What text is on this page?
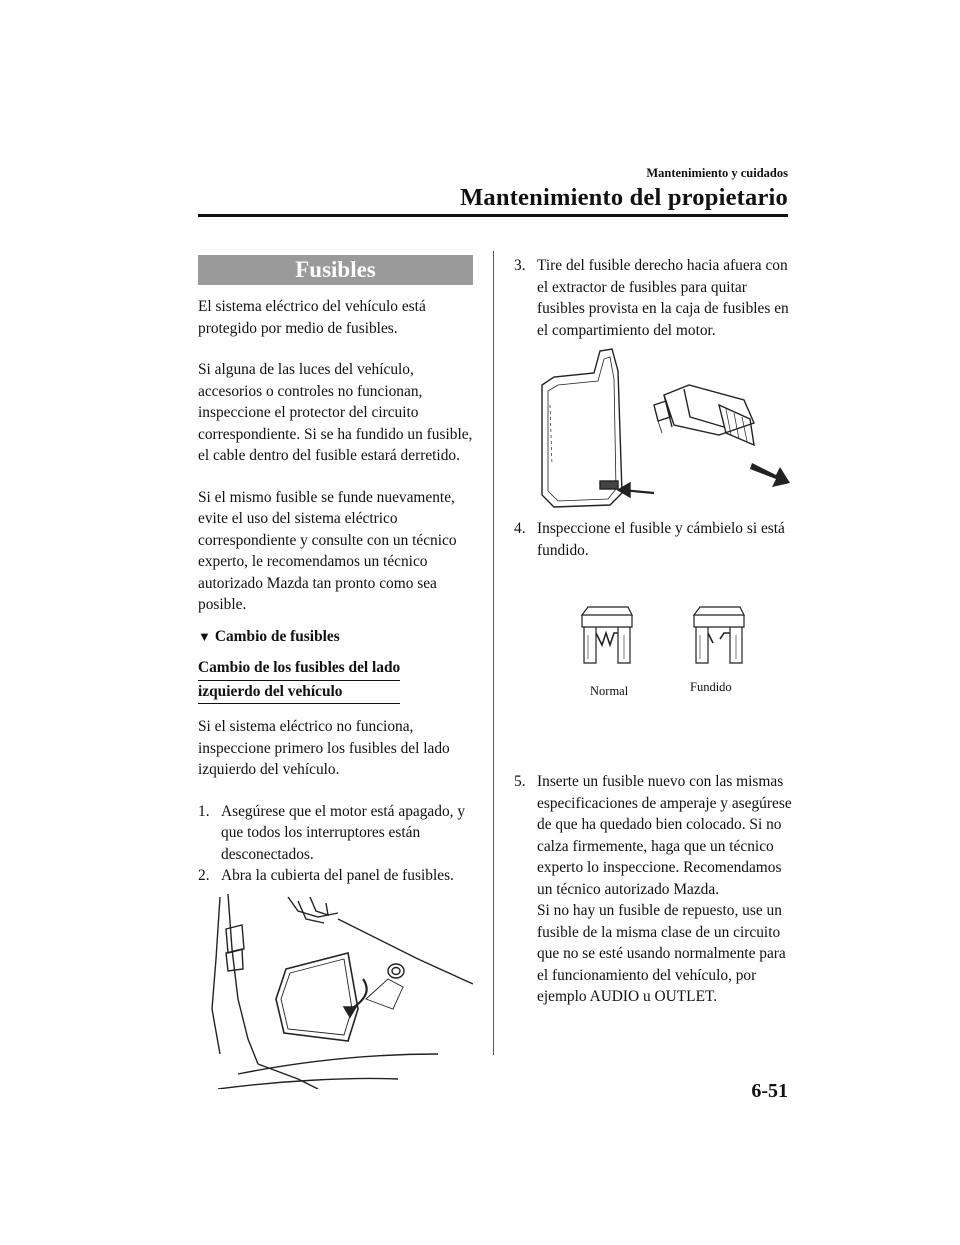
Mantenimiento y cuidados
Mantenimiento del propietario
Fusibles

El sistema eléctrico del vehículo está protegido por medio de fusibles.

Si alguna de las luces del vehículo, accesorios o controles no funcionan, inspeccione el protector del circuito correspondiente. Si se ha fundido un fusible, el cable dentro del fusible estará derretido.

Si el mismo fusible se funde nuevamente, evite el uso del sistema eléctrico correspondiente y consulte con un técnico experto, le recomendamos un técnico autorizado Mazda tan pronto como sea posible.

▼ Cambio de fusibles
Cambio de los fusibles del lado
izquierdo del vehículo

Si el sistema eléctrico no funciona, inspeccione primero los fusibles del lado izquierdo del vehículo.

1. Asegúrese que el motor está apagado, y que todos los interruptores están desconectados.
2. Abra la cubierta del panel de fusibles.
3. Tire del fusible derecho hacia afuera con el extractor de fusibles para quitar fusibles provista en la caja de fusibles en el compartimiento del motor.
4. Inspeccione el fusible y cámbielo si está fundido.
Normal	Fundido
5. Inserte un fusible nuevo con las mismas especificaciones de amperaje y asegúrese de que ha quedado bien colocado. Si no calza firmemente, haga que un técnico experto lo inspeccione. Recomendamos un técnico autorizado Mazda.
Si no hay un fusible de repuesto, use un fusible de la misma clase de un circuito que no se esté usando normalmente para el funcionamiento del vehículo, por ejemplo AUDIO u OUTLET.
6-51
